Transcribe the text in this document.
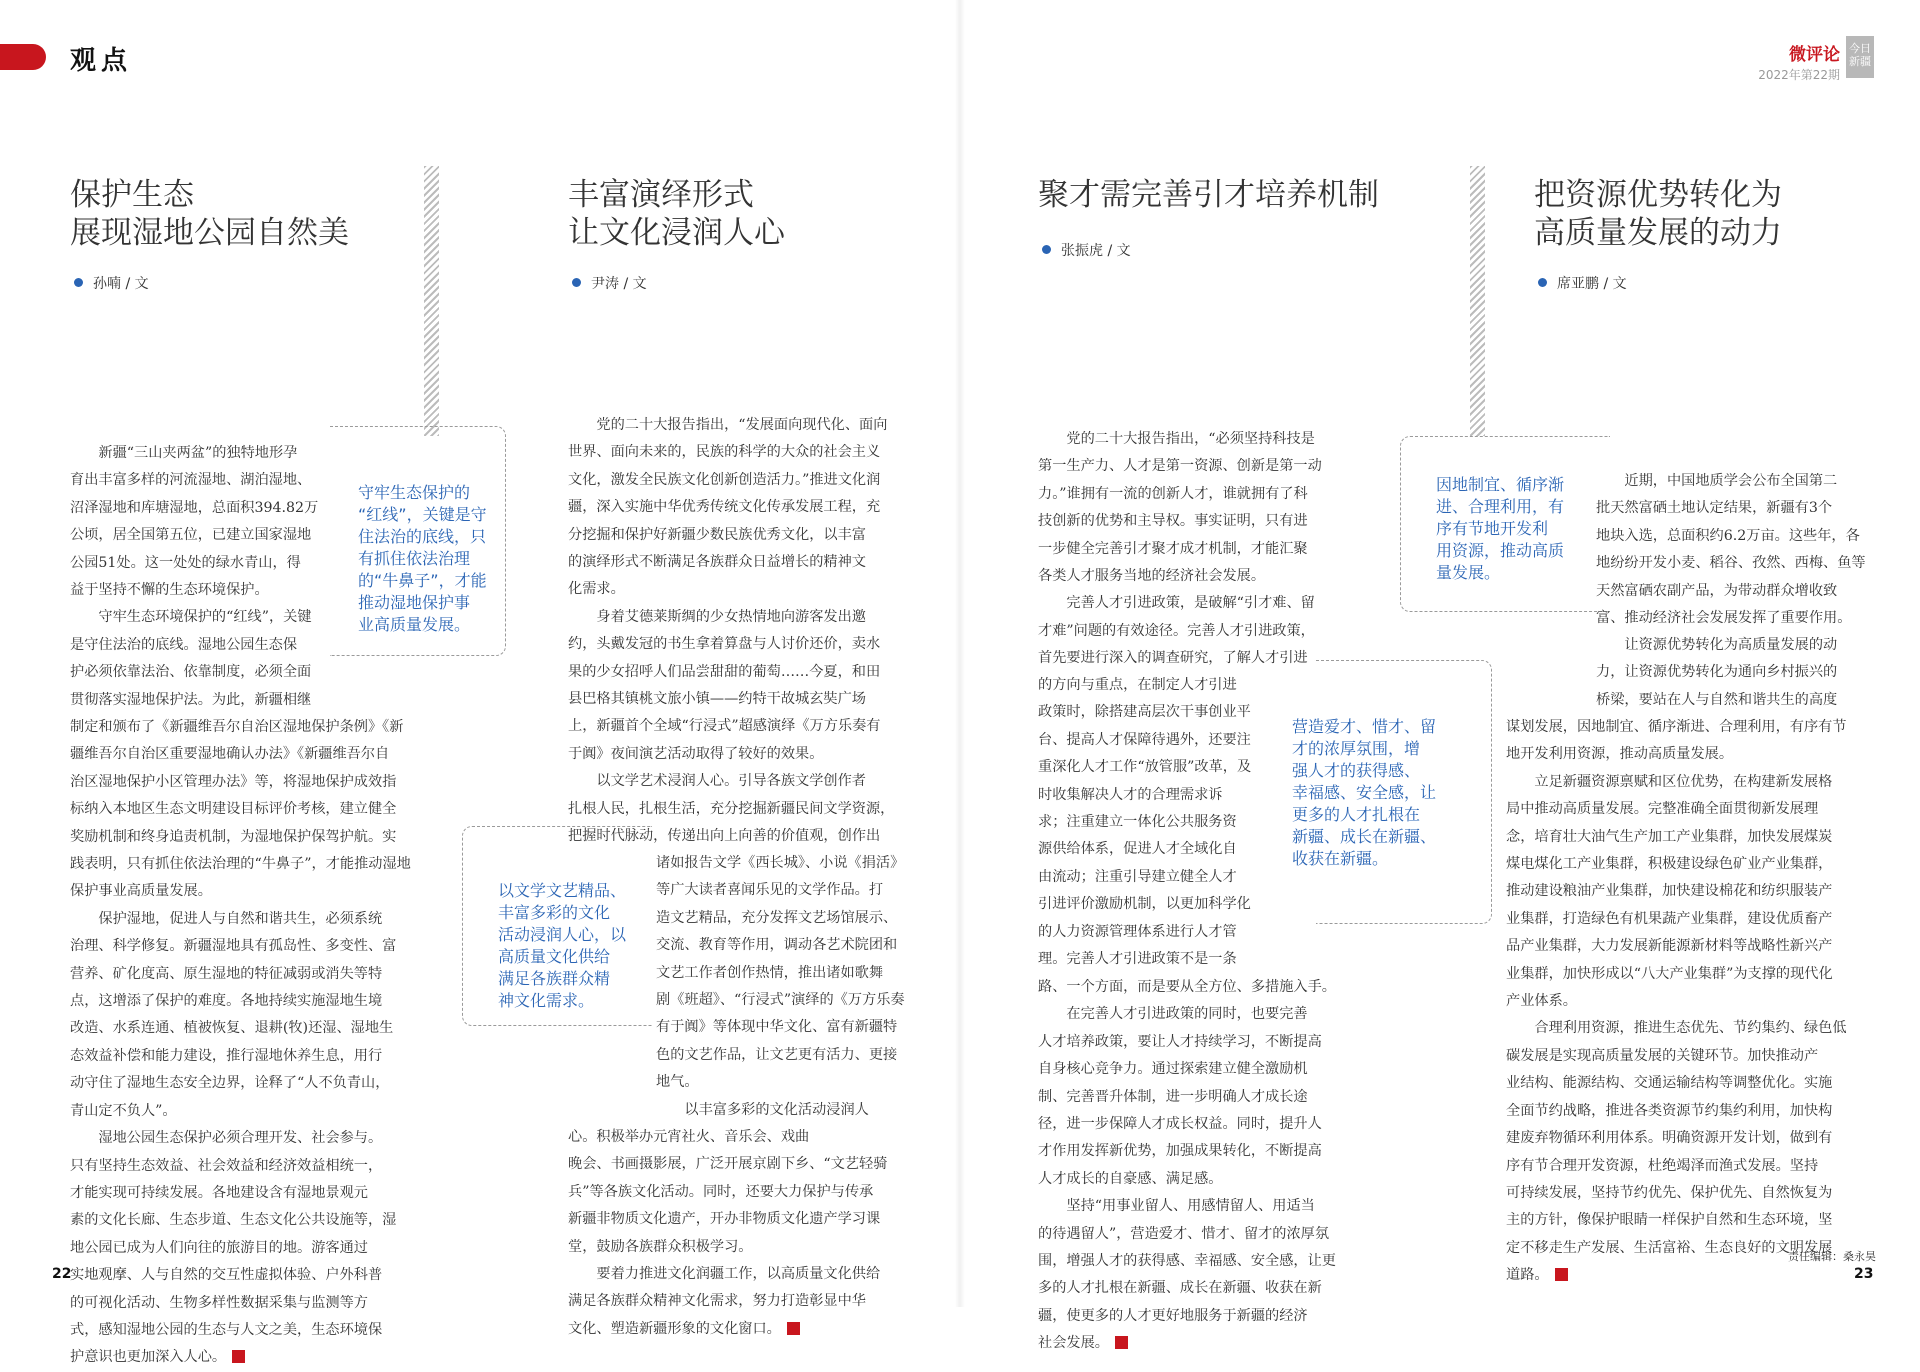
观点	微评论
2022年第22期
今日新疆
保护生态
展现湿地公园自然美
孙喃 / 文
守牢生态保护的
“红线”，关键是守
住法治的底线，只
有抓住依法治理
的“牛鼻子”，才能
推动湿地保护事
业高质量发展。

新疆“三山夹两盆”的独特地形孕

育出丰富多样的河流湿地、湖泊湿地、

沼泽湿地和库塘湿地，总面积394.82万

公顷，居全国第五位，已建立国家湿地

公园51处。这一处处的绿水青山，得

益于坚持不懈的生态环境保护。

守牢生态环境保护的“红线”，关键

是守住法治的底线。湿地公园生态保

护必须依靠法治、依靠制度，必须全面

贯彻落实湿地保护法。为此，新疆相继

制定和颁布了《新疆维吾尔自治区湿地保护条例》《新

疆维吾尔自治区重要湿地确认办法》《新疆维吾尔自

治区湿地保护小区管理办法》等，将湿地保护成效指

标纳入本地区生态文明建设目标评价考核，建立健全

奖励机制和终身追责机制，为湿地保护保驾护航。实

践表明，只有抓住依法治理的“牛鼻子”，才能推动湿地

保护事业高质量发展。

保护湿地，促进人与自然和谐共生，必须系统

治理、科学修复。新疆湿地具有孤岛性、多变性、富

营养、矿化度高、原生湿地的特征减弱或消失等特

点，这增添了保护的难度。各地持续实施湿地生境

改造、水系连通、植被恢复、退耕(牧)还湿、湿地生

态效益补偿和能力建设，推行湿地休养生息，用行

动守住了湿地生态安全边界，诠释了“人不负青山，

青山定不负人”。

湿地公园生态保护必须合理开发、社会参与。

只有坚持生态效益、社会效益和经济效益相统一，

才能实现可持续发展。各地建设含有湿地景观元

素的文化长廊、生态步道、生态文化公共设施等，湿

地公园已成为人们向往的旅游目的地。游客通过

实地观摩、人与自然的交互性虚拟体验、户外科普

的可视化活动、生物多样性数据采集与监测等方

式，感知湿地公园的生态与人文之美，生态环境保

护意识也更加深入人心。

丰富演绎形式
让文化浸润人心
尹涛 / 文
以文学文艺精品、
丰富多彩的文化
活动浸润人心，以
高质量文化供给
满足各族群众精
神文化需求。

党的二十大报告指出，“发展面向现代化、面向

世界、面向未来的，民族的科学的大众的社会主义

文化，激发全民族文化创新创造活力。”推进文化润

疆，深入实施中华优秀传统文化传承发展工程，充

分挖掘和保护好新疆少数民族优秀文化，以丰富

的演绎形式不断满足各族群众日益增长的精神文

化需求。

身着艾德莱斯绸的少女热情地向游客发出邀

约，头戴发冠的书生拿着算盘与人讨价还价，卖水

果的少女招呼人们品尝甜甜的葡萄……今夏，和田

县巴格其镇桃文旅小镇——约特干故城玄奘广场

上，新疆首个全域“行浸式”超感演绎《万方乐奏有

于阗》夜间演艺活动取得了较好的效果。

以文学艺术浸润人心。引导各族文学创作者

扎根人民，扎根生活，充分挖掘新疆民间文学资源，

把握时代脉动，传递出向上向善的价值观，创作出

诸如报告文学《西长城》、小说《捐活》

等广大读者喜闻乐见的文学作品。打

造文艺精品，充分发挥文艺场馆展示、

交流、教育等作用，调动各艺术院团和

文艺工作者创作热情，推出诸如歌舞

剧《班超》、“行浸式”演绎的《万方乐奏

有于阗》等体现中华文化、富有新疆特

色的文艺作品，让文艺更有活力、更接

地气。

以丰富多彩的文化活动浸润人

心。积极举办元宵社火、音乐会、戏曲

晚会、书画摄影展，广泛开展京剧下乡、“文艺轻骑

兵”等各族文化活动。同时，还要大力保护与传承

新疆非物质文化遗产，开办非物质文化遗产学习课

堂，鼓励各族群众积极学习。

要着力推进文化润疆工作，以高质量文化供给

满足各族群众精神文化需求，努力打造彰显中华

文化、塑造新疆形象的文化窗口。

聚才需完善引才培养机制
张振虎 / 文
营造爱才、惜才、留
才的浓厚氛围，增
强人才的获得感、
幸福感、安全感，让
更多的人才扎根在
新疆、成长在新疆、
收获在新疆。

党的二十大报告指出，“必须坚持科技是

第一生产力、人才是第一资源、创新是第一动

力。”谁拥有一流的创新人才，谁就拥有了科

技创新的优势和主导权。事实证明，只有进

一步健全完善引才聚才成才机制，才能汇聚

各类人才服务当地的经济社会发展。

完善人才引进政策，是破解“引才难、留

才难”问题的有效途径。完善人才引进政策，

首先要进行深入的调查研究，了解人才引进

的方向与重点，在制定人才引进

政策时，除搭建高层次干事创业平

台、提高人才保障待遇外，还要注

重深化人才工作“放管服”改革，及

时收集解决人才的合理需求诉

求；注重建立一体化公共服务资

源供给体系，促进人才全域化自

由流动；注重引导建立健全人才

引进评价激励机制，以更加科学化

的人力资源管理体系进行人才管

理。完善人才引进政策不是一条

路、一个方面，而是要从全方位、多措施入手。

在完善人才引进政策的同时，也要完善

人才培养政策，要让人才持续学习，不断提高

自身核心竞争力。通过探索建立健全激励机

制、完善晋升体制，进一步明确人才成长途

径，进一步保障人才成长权益。同时，提升人

才作用发挥新优势，加强成果转化，不断提高

人才成长的自豪感、满足感。

坚持“用事业留人、用感情留人、用适当

的待遇留人”，营造爱才、惜才、留才的浓厚氛

围，增强人才的获得感、幸福感、安全感，让更

多的人才扎根在新疆、成长在新疆、收获在新

疆，使更多的人才更好地服务于新疆的经济

社会发展。

把资源优势转化为
高质量发展的动力
席亚鹏 / 文
因地制宜、循序渐
进、合理利用，有
序有节地开发利
用资源，推动高质
量发展。

近期，中国地质学会公布全国第二

批天然富硒土地认定结果，新疆有3个

地块入选，总面积约6.2万亩。这些年，各

地纷纷开发小麦、稻谷、孜然、西梅、鱼等

天然富硒农副产品，为带动群众增收致

富、推动经济社会发展发挥了重要作用。

让资源优势转化为高质量发展的动

力，让资源优势转化为通向乡村振兴的

桥梁，要站在人与自然和谐共生的高度

谋划发展，因地制宜、循序渐进、合理利用，有序有节

地开发利用资源，推动高质量发展。

立足新疆资源禀赋和区位优势，在构建新发展格

局中推动高质量发展。完整准确全面贯彻新发展理

念，培育壮大油气生产加工产业集群，加快发展煤炭

煤电煤化工产业集群，积极建设绿色矿业产业集群，

推动建设粮油产业集群，加快建设棉花和纺织服装产

业集群，打造绿色有机果蔬产业集群，建设优质畜产

品产业集群，大力发展新能源新材料等战略性新兴产

业集群，加快形成以“八大产业集群”为支撑的现代化

产业体系。

合理利用资源，推进生态优先、节约集约、绿色低

碳发展是实现高质量发展的关键环节。加快推动产

业结构、能源结构、交通运输结构等调整优化。实施

全面节约战略，推进各类资源节约集约利用，加快构

建废弃物循环利用体系。明确资源开发计划，做到有

序有节合理开发资源，杜绝竭泽而渔式发展。坚持

可持续发展，坚持节约优先、保护优先、自然恢复为

主的方针，像保护眼睛一样保护自然和生态环境，坚

定不移走生产发展、生活富裕、生态良好的文明发展

道路。

22	23
责任编辑：桑永昊
